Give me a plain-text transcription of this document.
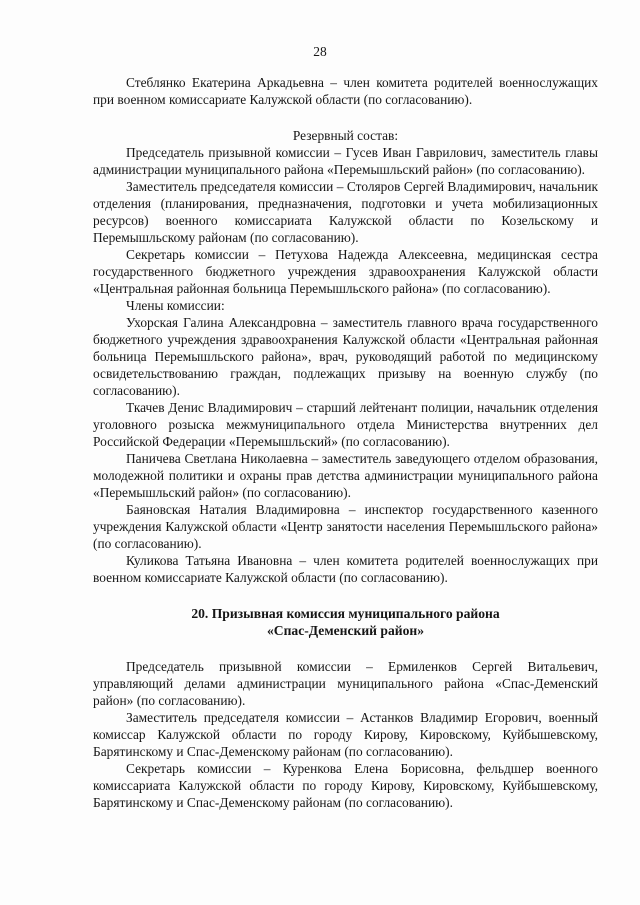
28

Стеблянко Екатерина Аркадьевна – член комитета родителей военнослужащих при военном комиссариате Калужской области (по согласованию).

Резервный состав:

Председатель призывной комиссии – Гусев Иван Гаврилович, заместитель главы администрации муниципального района «Перемышльский район» (по согласованию).

Заместитель председателя комиссии – Столяров Сергей Владимирович, начальник отделения (планирования, предназначения, подготовки и учета мобилизационных ресурсов) военного комиссариата Калужской области по Козельскому и Перемышльскому районам (по согласованию).

Секретарь комиссии – Петухова Надежда Алексеевна, медицинская сестра государственного бюджетного учреждения здравоохранения Калужской области «Центральная районная больница Перемышльского района» (по согласованию).

Члены комиссии:

Ухорская Галина Александровна – заместитель главного врача государственного бюджетного учреждения здравоохранения Калужской области «Центральная районная больница Перемышльского района», врач, руководящий работой по медицинскому освидетельствованию граждан, подлежащих призыву на военную службу (по согласованию).

Ткачев Денис Владимирович – старший лейтенант полиции, начальник отделения уголовного розыска межмуниципального отдела Министерства внутренних дел Российской Федерации «Перемышльский» (по согласованию).

Паничева Светлана Николаевна – заместитель заведующего отделом образования, молодежной политики и охраны прав детства администрации муниципального района «Перемышльский район» (по согласованию).

Баяновская Наталия Владимировна – инспектор государственного казенного учреждения Калужской области «Центр занятости населения Перемышльского района» (по согласованию).

Куликова Татьяна Ивановна – член комитета родителей военнослужащих при военном комиссариате Калужской области (по согласованию).

20. Призывная комиссия муниципального района

«Спас-Деменский район»

Председатель призывной комиссии – Ермиленков Сергей Витальевич, управляющий делами администрации муниципального района «Спас-Деменский район» (по согласованию).

Заместитель председателя комиссии – Астанков Владимир Егорович, военный комиссар Калужской области по городу Кирову, Кировскому, Куйбышевскому, Барятинскому и Спас-Деменскому районам (по согласованию).

Секретарь комиссии – Куренкова Елена Борисовна, фельдшер военного комиссариата Калужской области по городу Кирову, Кировскому, Куйбышевскому, Барятинскому и Спас-Деменскому районам (по согласованию).
